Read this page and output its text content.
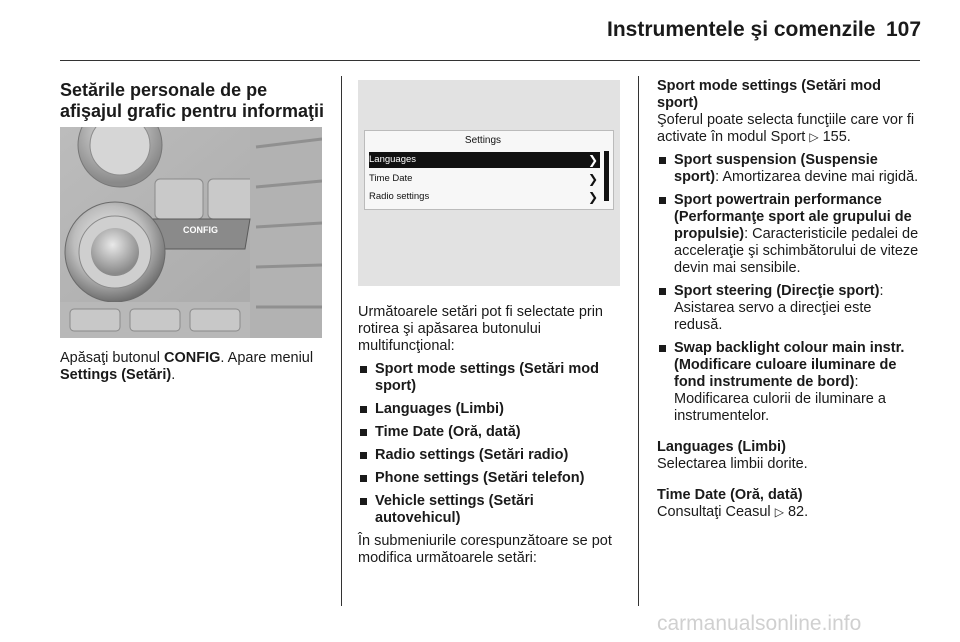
Instrumentele şi comenzile 107

Setările personale de pe afişajul grafic pentru informaţii

CONFIG

Apăsaţi butonul CONFIG. Apare meniul Settings (Setări).

Settings
Languages	❯
Time Date	❯
Radio settings	❯

Următoarele setări pot fi selectate prin rotirea şi apăsarea butonului multifuncţional:

Sport mode settings (Setări mod sport)
Languages (Limbi)
Time Date (Oră, dată)
Radio settings (Setări radio)
Phone settings (Setări telefon)
Vehicle settings (Setări autovehicul)

În submeniurile corespunzătoare se pot modifica următoarele setări:

Sport mode settings (Setări mod sport)

Şoferul poate selecta funcţiile care vor fi activate în modul Sport ▷ 155.

Sport suspension (Suspensie sport): Amortizarea devine mai rigidă.
Sport powertrain performance (Performanţe sport ale grupului de propulsie): Caracteristicile pedalei de acceleraţie şi schimbătorului de viteze devin mai sensibile.
Sport steering (Direcţie sport): Asistarea servo a direcţiei este redusă.
Swap backlight colour main instr. (Modificare culoare iluminare de fond instrumente de bord): Modificarea culorii de iluminare a instrumentelor.

Languages (Limbi)

Selectarea limbii dorite.

Time Date (Oră, dată)

Consultaţi Ceasul ▷ 82.

carmanualsonline.info
